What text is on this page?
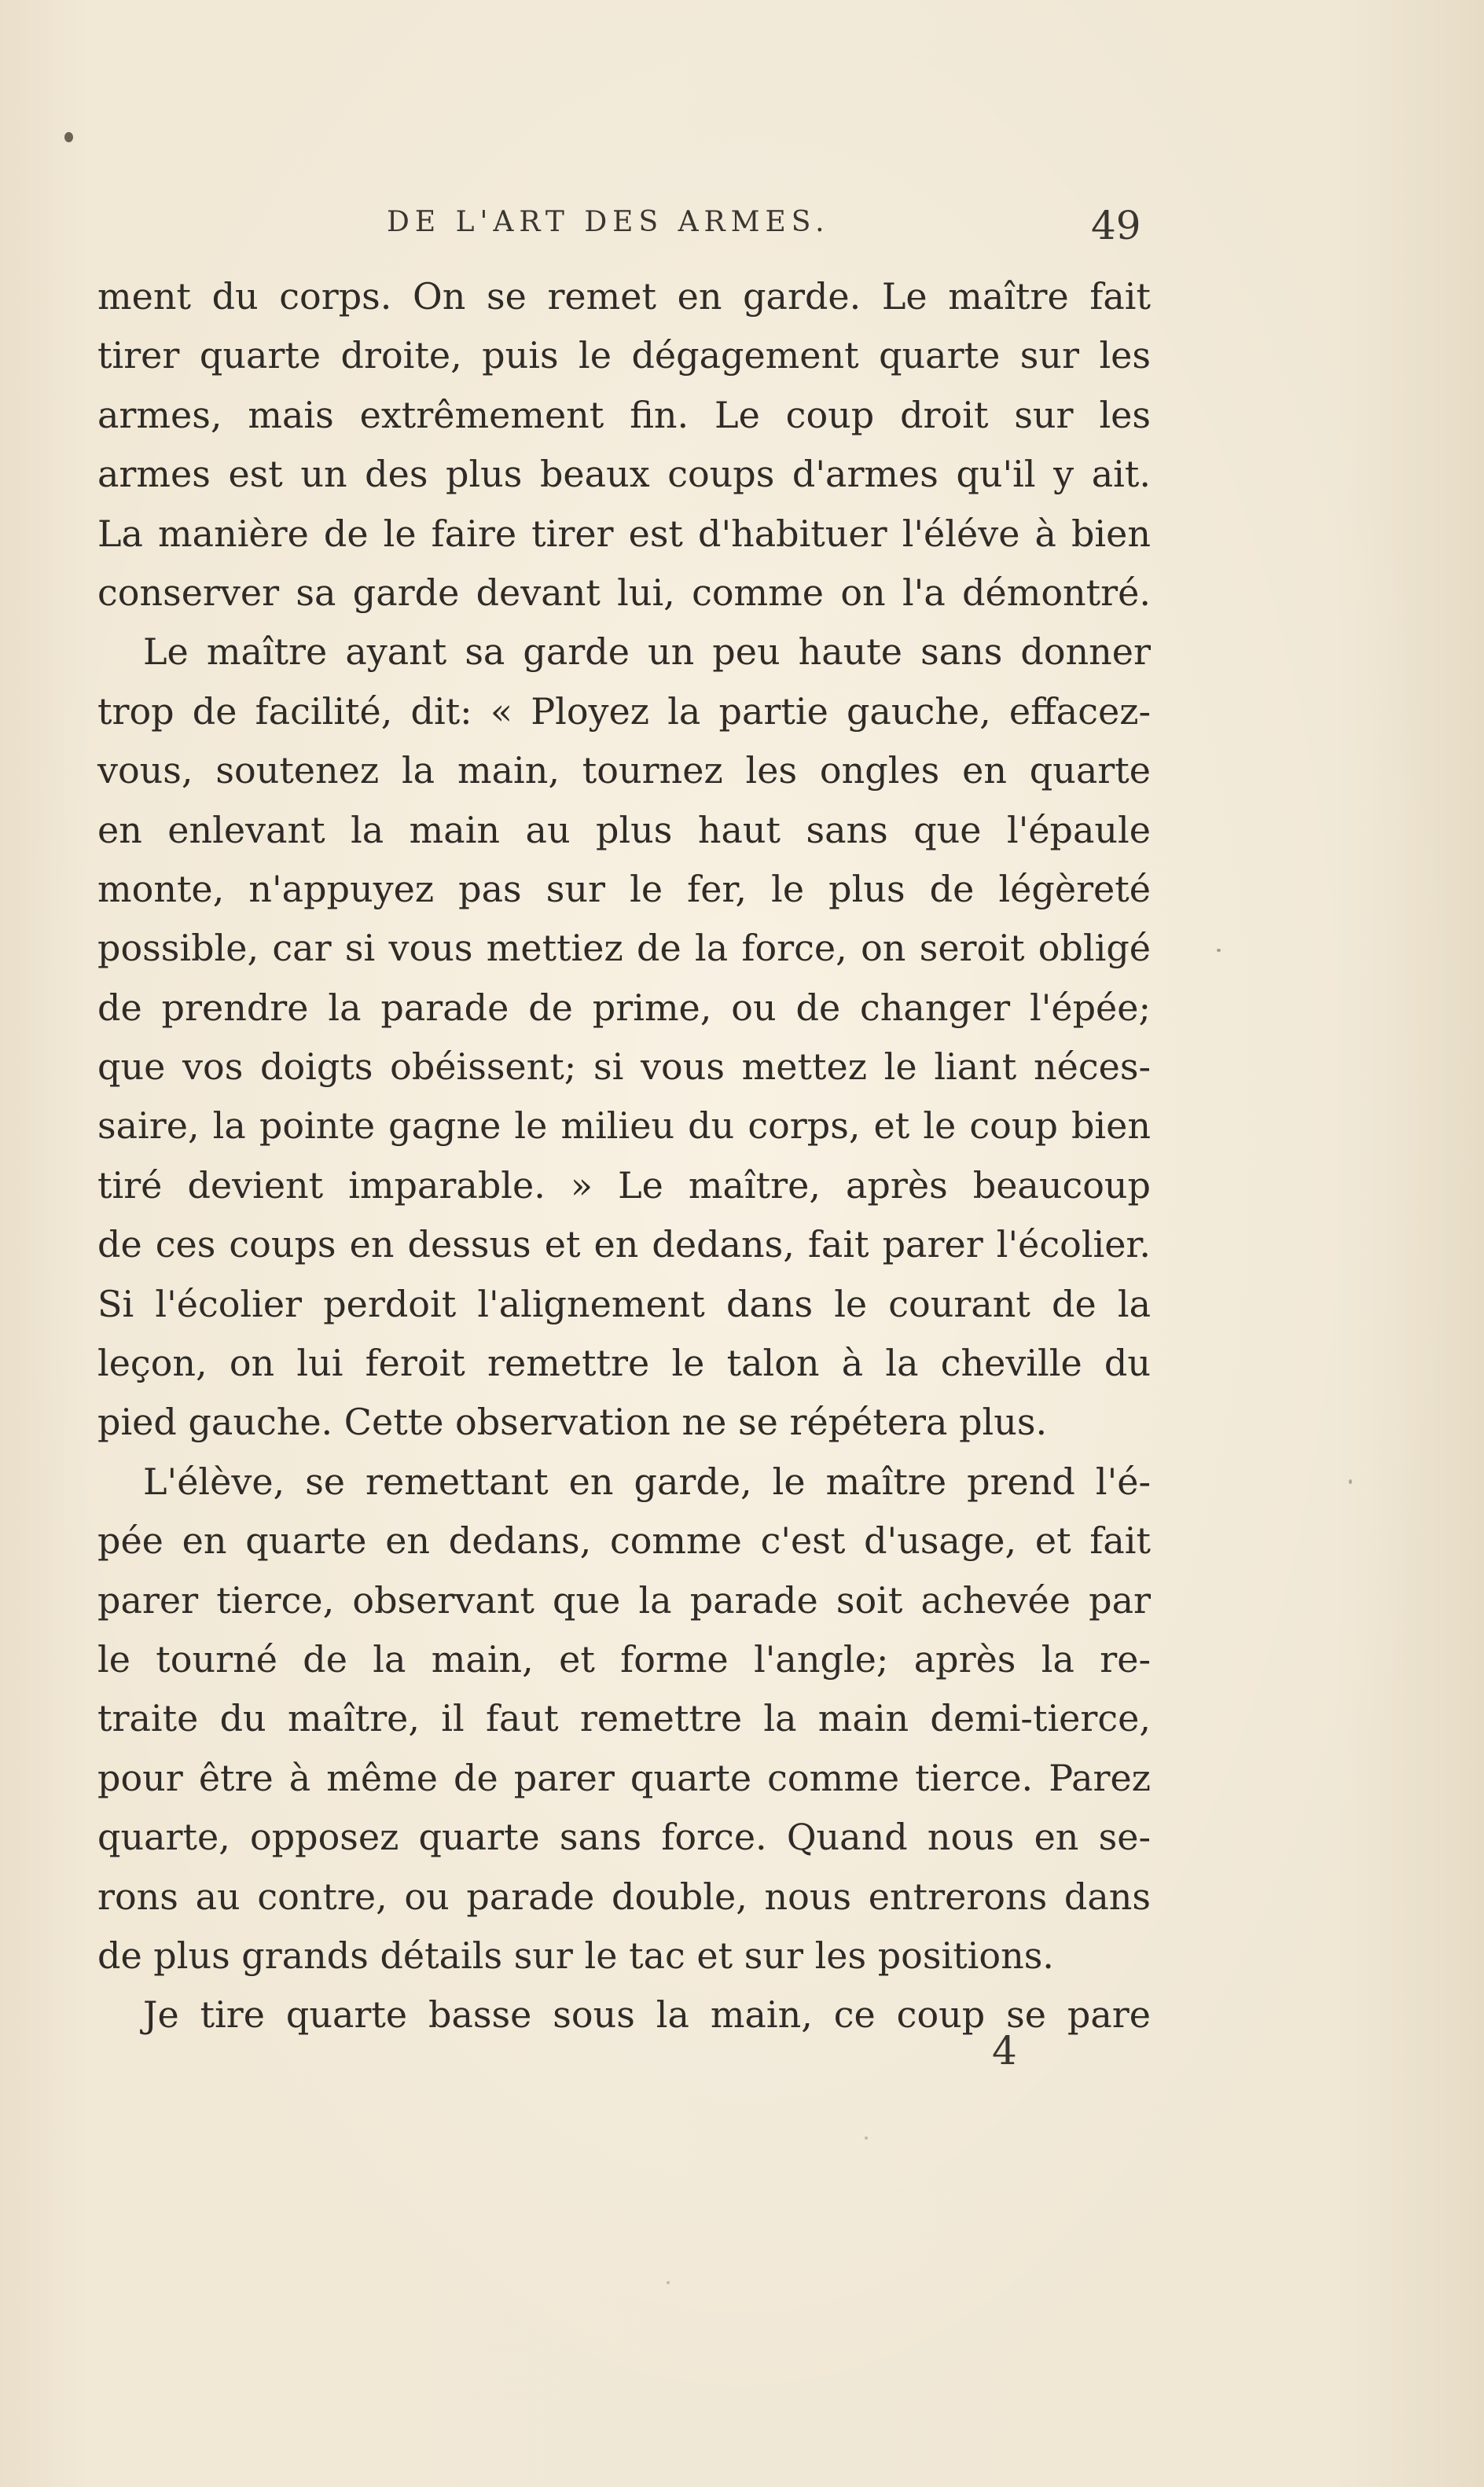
DE L'ART DES ARMES.	49
ment du corps. On se remet en garde. Le maître fait
tirer quarte droite, puis le dégagement quarte sur les
armes, mais extrêmement fin. Le coup droit sur les
armes est un des plus beaux coups d'armes qu'il y ait.
La manière de le faire tirer est d'habituer l'éléve à bien
conserver sa garde devant lui, comme on l'a démontré.
Le maître ayant sa garde un peu haute sans donner
trop de facilité, dit: « Ployez la partie gauche, effacez-
vous, soutenez la main, tournez les ongles en quarte
en enlevant la main au plus haut sans que l'épaule
monte, n'appuyez pas sur le fer, le plus de légèreté
possible, car si vous mettiez de la force, on seroit obligé
de prendre la parade de prime, ou de changer l'épée;
que vos doigts obéissent; si vous mettez le liant néces-
saire, la pointe gagne le milieu du corps, et le coup bien
tiré devient imparable. » Le maître, après beaucoup
de ces coups en dessus et en dedans, fait parer l'écolier.
Si l'écolier perdoit l'alignement dans le courant de la
leçon, on lui feroit remettre le talon à la cheville du
pied gauche. Cette observation ne se répétera plus.
L'élève, se remettant en garde, le maître prend l'é-
pée en quarte en dedans, comme c'est d'usage, et fait
parer tierce, observant que la parade soit achevée par
le tourné de la main, et forme l'angle; après la re-
traite du maître, il faut remettre la main demi-tierce,
pour être à même de parer quarte comme tierce. Parez
quarte, opposez quarte sans force. Quand nous en se-
rons au contre, ou parade double, nous entrerons dans
de plus grands détails sur le tac et sur les positions.
Je tire quarte basse sous la main, ce coup se pare
4
